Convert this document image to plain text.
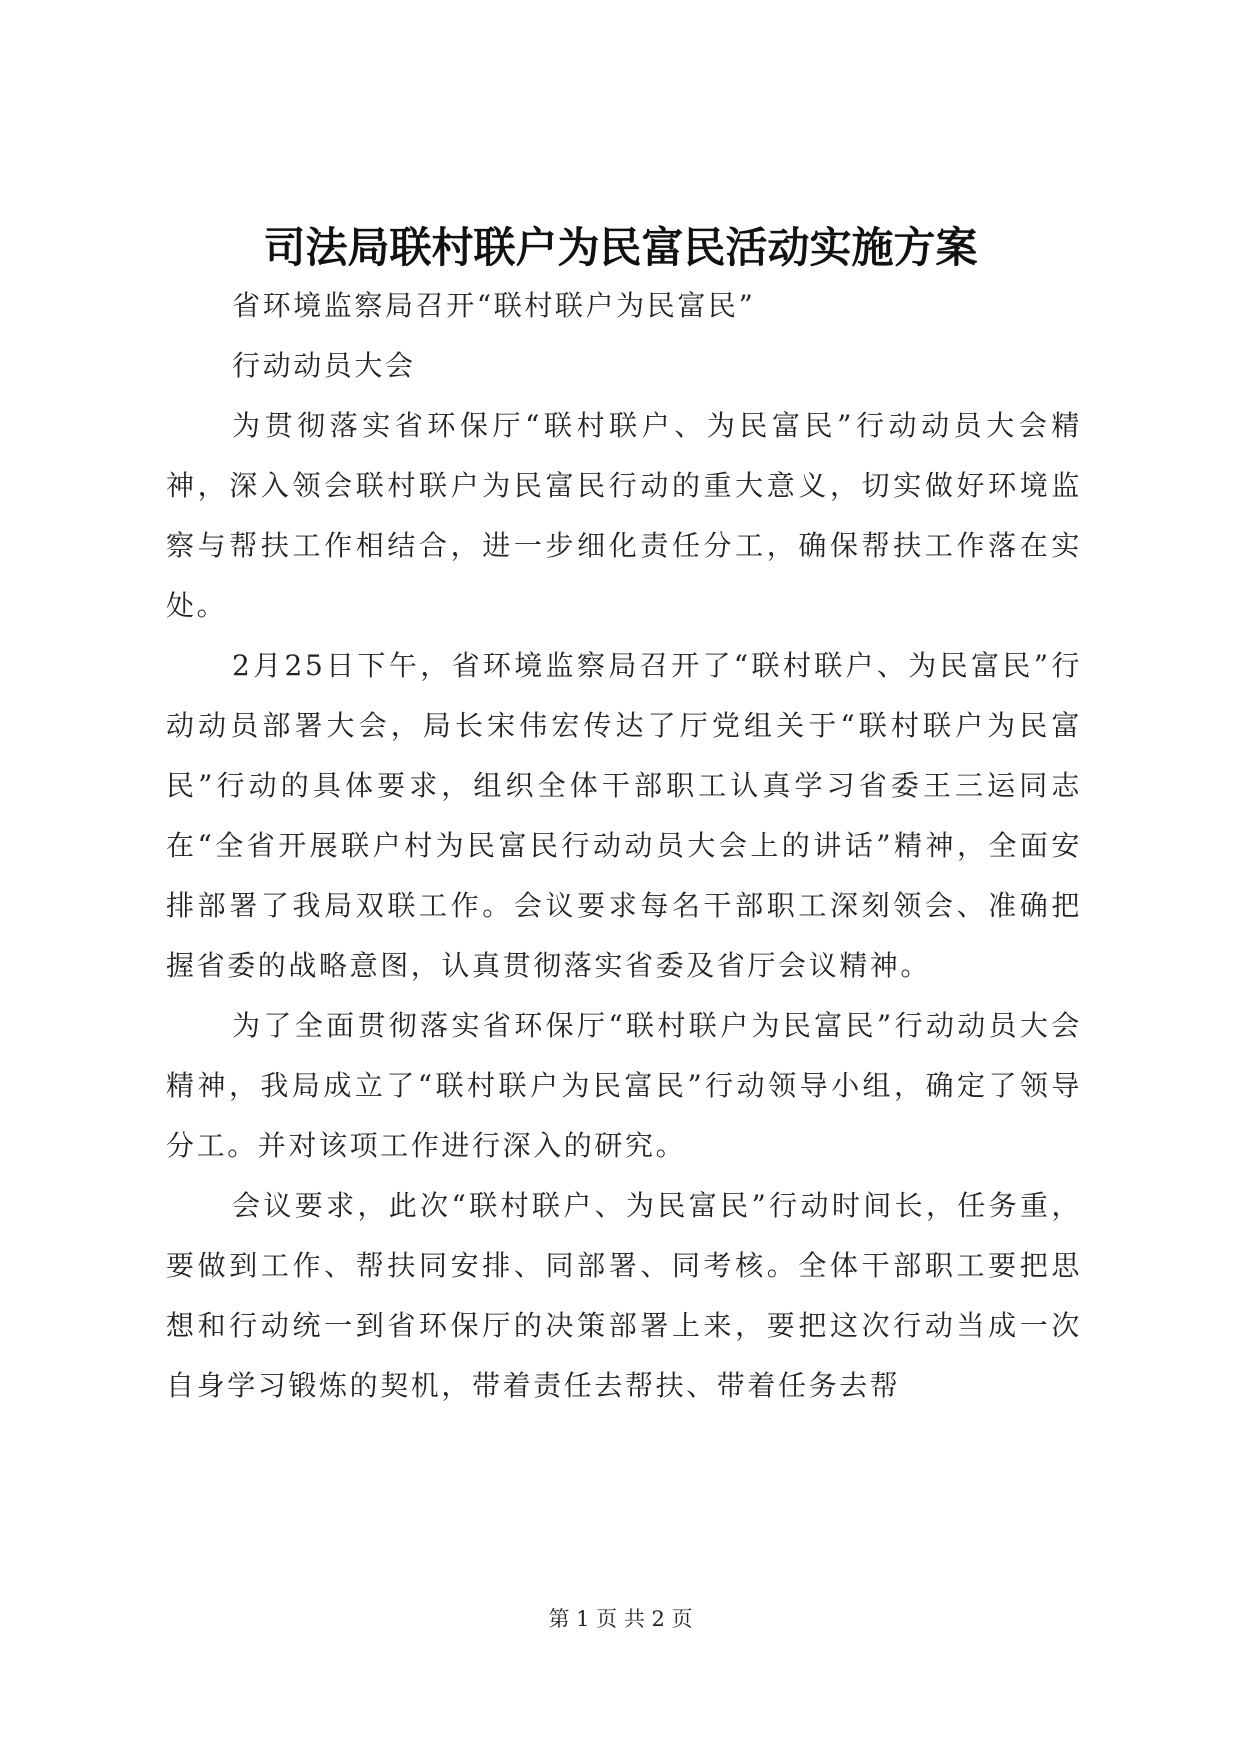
司法局联村联户为民富民活动实施方案

省环境监察局召开“联村联户为民富民”

行动动员大会

为贯彻落实省环保厅“联村联户、为民富民”行动动员大会精神，深入领会联村联户为民富民行动的重大意义，切实做好环境监察与帮扶工作相结合，进一步细化责任分工，确保帮扶工作落在实处。

2月25日下午，省环境监察局召开了“联村联户、为民富民”行动动员部署大会，局长宋伟宏传达了厅党组关于“联村联户为民富民”行动的具体要求，组织全体干部职工认真学习省委王三运同志在“全省开展联户村为民富民行动动员大会上的讲话”精神，全面安排部署了我局双联工作。会议要求每名干部职工深刻领会、准确把握省委的战略意图，认真贯彻落实省委及省厅会议精神。

为了全面贯彻落实省环保厅“联村联户为民富民”行动动员大会精神，我局成立了“联村联户为民富民”行动领导小组，确定了领导分工。并对该项工作进行深入的研究。

会议要求，此次“联村联户、为民富民”行动时间长，任务重，要做到工作、帮扶同安排、同部署、同考核。全体干部职工要把思想和行动统一到省环保厅的决策部署上来，要把这次行动当成一次自身学习锻炼的契机，带着责任去帮扶、带着任务去帮

第 1 页 共 2 页
